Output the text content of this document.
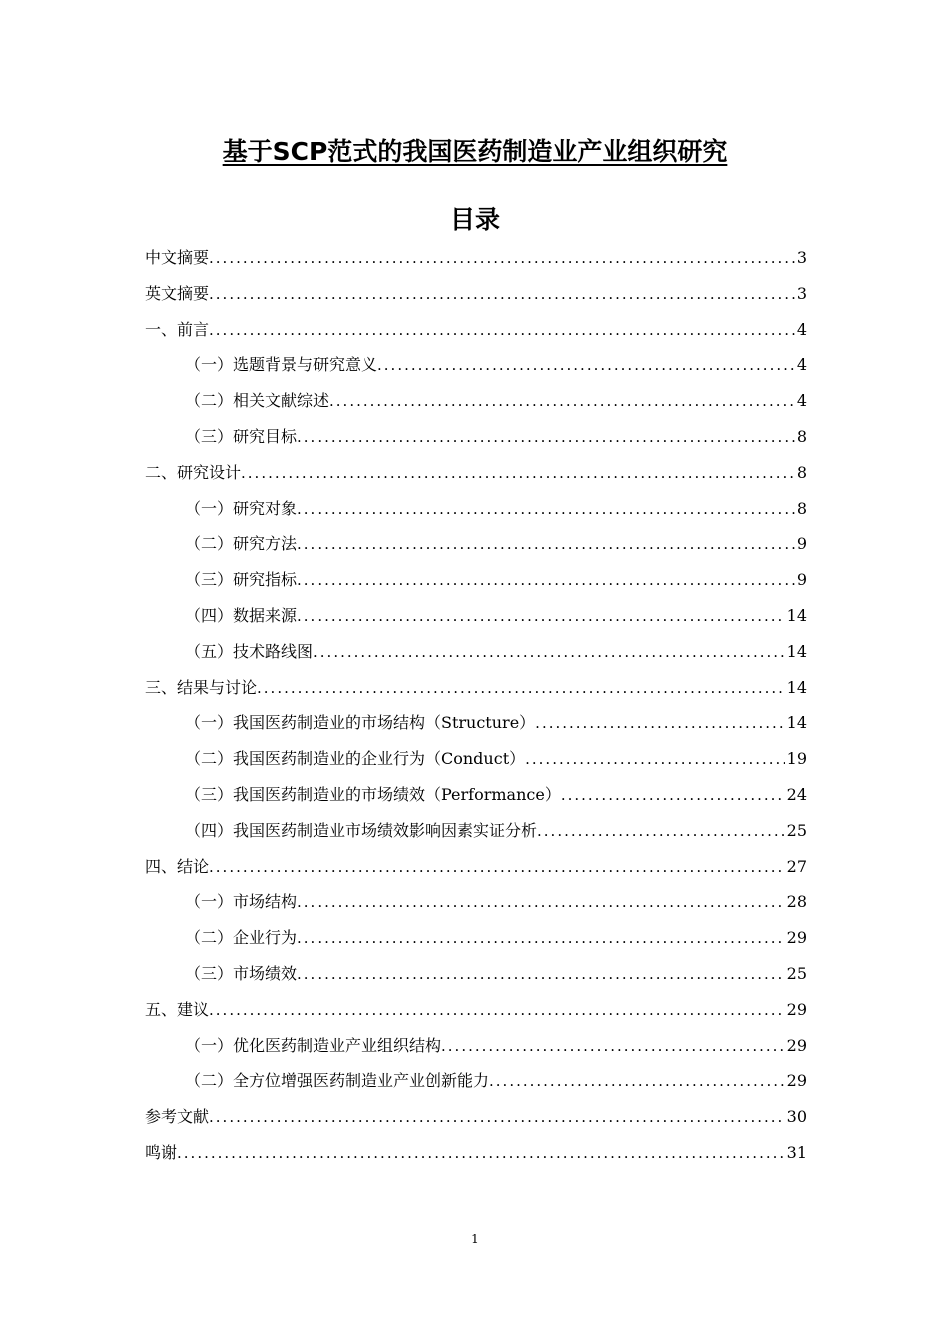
基于SCP范式的我国医药制造业产业组织研究
目录
中文摘要 .....	3
英文摘要 .....	3
一、前言 .....	4
（一）选题背景与研究意义 .....	4
（二）相关文献综述 .....	4
（三）研究目标 .....	8
二、研究设计 .....	8
（一）研究对象 .....	8
（二）研究方法 .....	9
（三）研究指标 .....	9
（四）数据来源 .....	14
（五）技术路线图 .....	14
三、结果与讨论 .....	14
（一）我国医药制造业的市场结构（Structure） .....	14
（二）我国医药制造业的企业行为（Conduct） .....	19
（三）我国医药制造业的市场绩效（Performance） .....	24
（四）我国医药制造业市场绩效影响因素实证分析 .....	25
四、结论 .....	27
（一）市场结构 .....	28
（二）企业行为 .....	29
（三）市场绩效 .....	25
五、建议 .....	29
（一）优化医药制造业产业组织结构 .....	29
（二）全方位增强医药制造业产业创新能力 .....	29
参考文献 .....	30
鸣谢 .....	31
1
